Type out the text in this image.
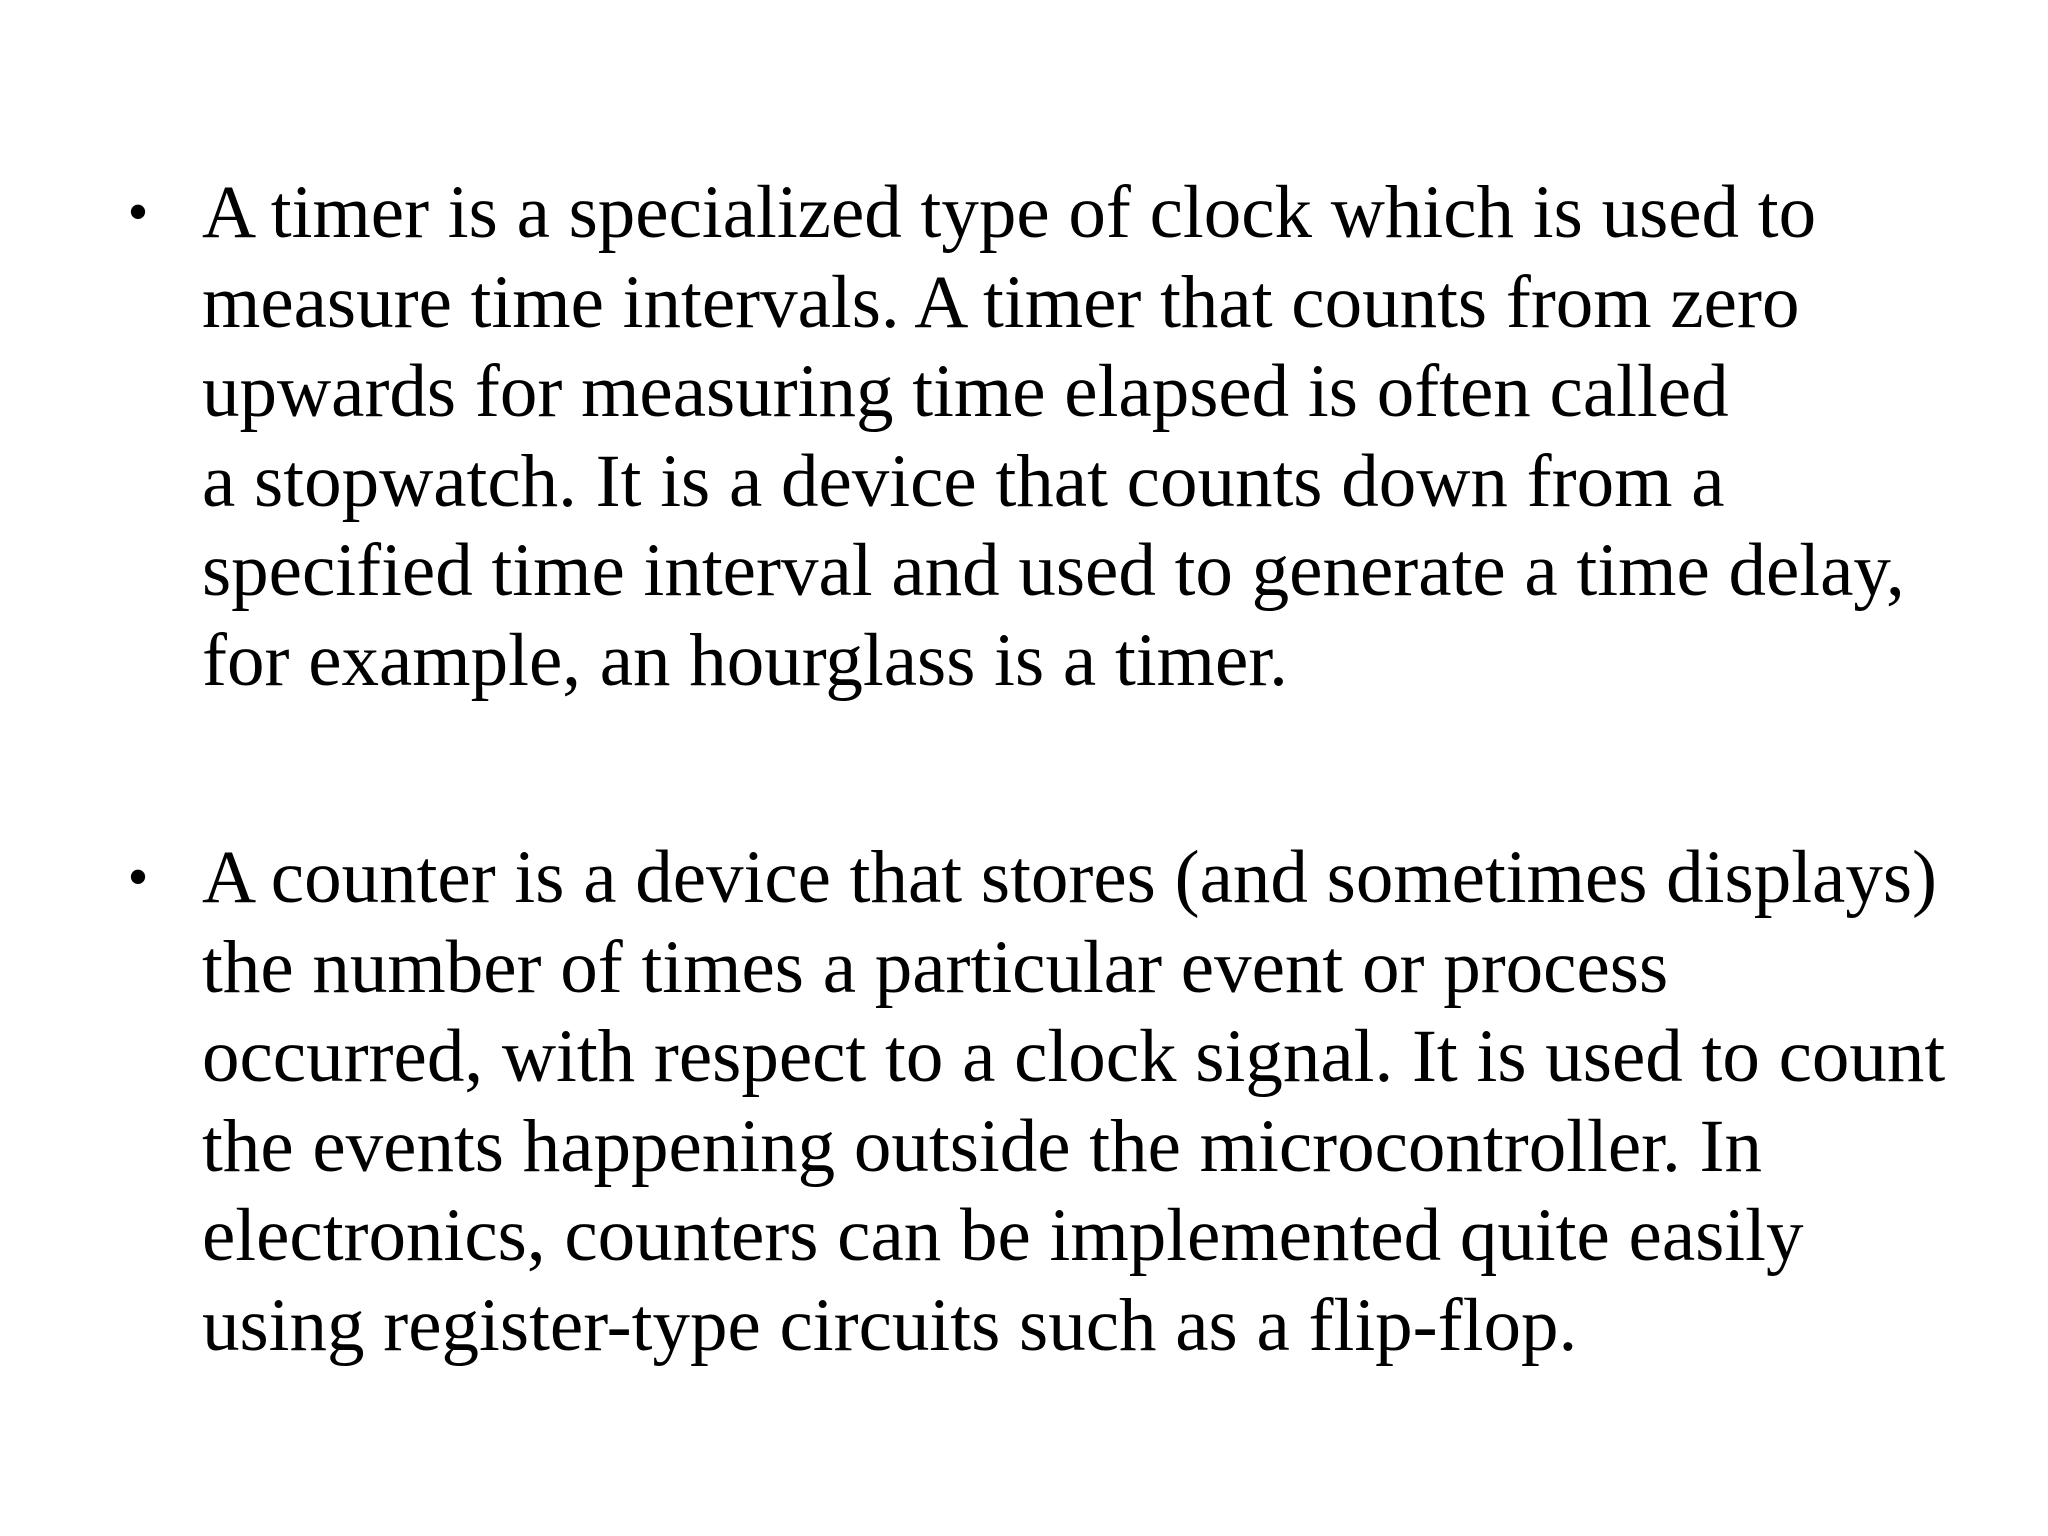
• A timer is a specialized type of clock which is used to
measure time intervals. A timer that counts from zero
upwards for measuring time elapsed is often called
a stopwatch. It is a device that counts down from a
specified time interval and used to generate a time delay,
for example, an hourglass is a timer.
• A counter is a device that stores (and sometimes displays)
the number of times a particular event or process
occurred, with respect to a clock signal. It is used to count
the events happening outside the microcontroller. In
electronics, counters can be implemented quite easily
using register-type circuits such as a flip-flop.
